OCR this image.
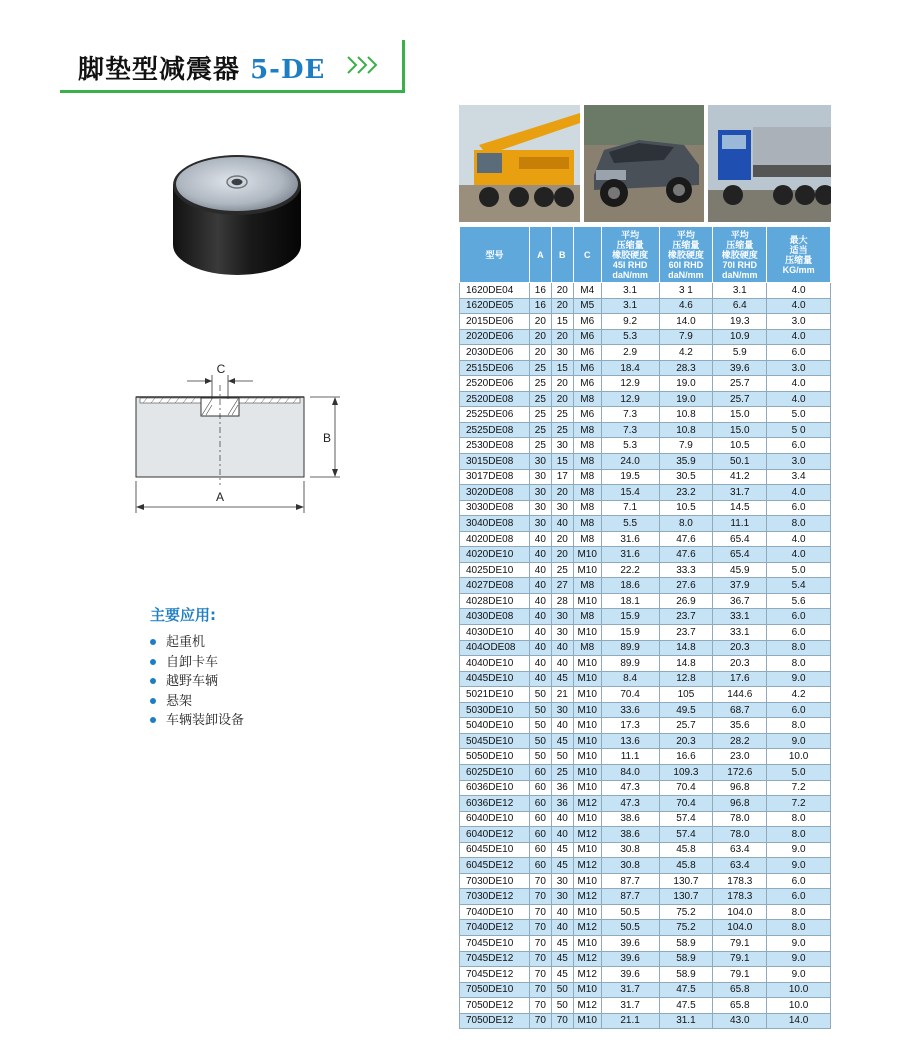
脚垫型减震器 5-DE
C
B
A
主要应用:
起重机
自卸卡车
越野车辆
悬架
车辆装卸设备
型号	A	B	C	平均
压缩量
橡胶硬度
45I RHD
daN/mm	平均
压缩量
橡胶硬度
60I RHD
daN/mm	平均
压缩量
橡胶硬度
70I RHD
daN/mm	最大
适当
压缩量
KG/mm
1620DE04	16	20	M4	3.1	3 1	3.1	4.0
1620DE05	16	20	M5	3.1	4.6	6.4	4.0
2015DE06	20	15	M6	9.2	14.0	19.3	3.0
2020DE06	20	20	M6	5.3	7.9	10.9	4.0
2030DE06	20	30	M6	2.9	4.2	5.9	6.0
2515DE06	25	15	M6	18.4	28.3	39.6	3.0
2520DE06	25	20	M6	12.9	19.0	25.7	4.0
2520DE08	25	20	M8	12.9	19.0	25.7	4.0
2525DE06	25	25	M6	7.3	10.8	15.0	5.0
2525DE08	25	25	M8	7.3	10.8	15.0	5 0
2530DE08	25	30	M8	5.3	7.9	10.5	6.0
3015DE08	30	15	M8	24.0	35.9	50.1	3.0
3017DE08	30	17	M8	19.5	30.5	41.2	3.4
3020DE08	30	20	M8	15.4	23.2	31.7	4.0
3030DE08	30	30	M8	7.1	10.5	14.5	6.0
3040DE08	30	40	M8	5.5	8.0	11.1	8.0
4020DE08	40	20	M8	31.6	47.6	65.4	4.0
4020DE10	40	20	M10	31.6	47.6	65.4	4.0
4025DE10	40	25	M10	22.2	33.3	45.9	5.0
4027DE08	40	27	M8	18.6	27.6	37.9	5.4
4028DE10	40	28	M10	18.1	26.9	36.7	5.6
4030DE08	40	30	M8	15.9	23.7	33.1	6.0
4030DE10	40	30	M10	15.9	23.7	33.1	6.0
404ODE08	40	40	M8	89.9	14.8	20.3	8.0
4040DE10	40	40	M10	89.9	14.8	20.3	8.0
4045DE10	40	45	M10	8.4	12.8	17.6	9.0
5021DE10	50	21	M10	70.4	105	144.6	4.2
5030DE10	50	30	M10	33.6	49.5	68.7	6.0
5040DE10	50	40	M10	17.3	25.7	35.6	8.0
5045DE10	50	45	M10	13.6	20.3	28.2	9.0
5050DE10	50	50	M10	11.1	16.6	23.0	10.0
6025DE10	60	25	M10	84.0	109.3	172.6	5.0
6036DE10	60	36	M10	47.3	70.4	96.8	7.2
6036DE12	60	36	M12	47.3	70.4	96.8	7.2
6040DE10	60	40	M10	38.6	57.4	78.0	8.0
6040DE12	60	40	M12	38.6	57.4	78.0	8.0
6045DE10	60	45	M10	30.8	45.8	63.4	9.0
6045DE12	60	45	M12	30.8	45.8	63.4	9.0
7030DE10	70	30	M10	87.7	130.7	178.3	6.0
7030DE12	70	30	M12	87.7	130.7	178.3	6.0
7040DE10	70	40	M10	50.5	75.2	104.0	8.0
7040DE12	70	40	M12	50.5	75.2	104.0	8.0
7045DE10	70	45	M10	39.6	58.9	79.1	9.0
7045DE12	70	45	M12	39.6	58.9	79.1	9.0
7045DE12	70	45	M12	39.6	58.9	79.1	9.0
7050DE10	70	50	M10	31.7	47.5	65.8	10.0
7050DE12	70	50	M12	31.7	47.5	65.8	10.0
7050DE12	70	70	M10	21.1	31.1	43.0	14.0
